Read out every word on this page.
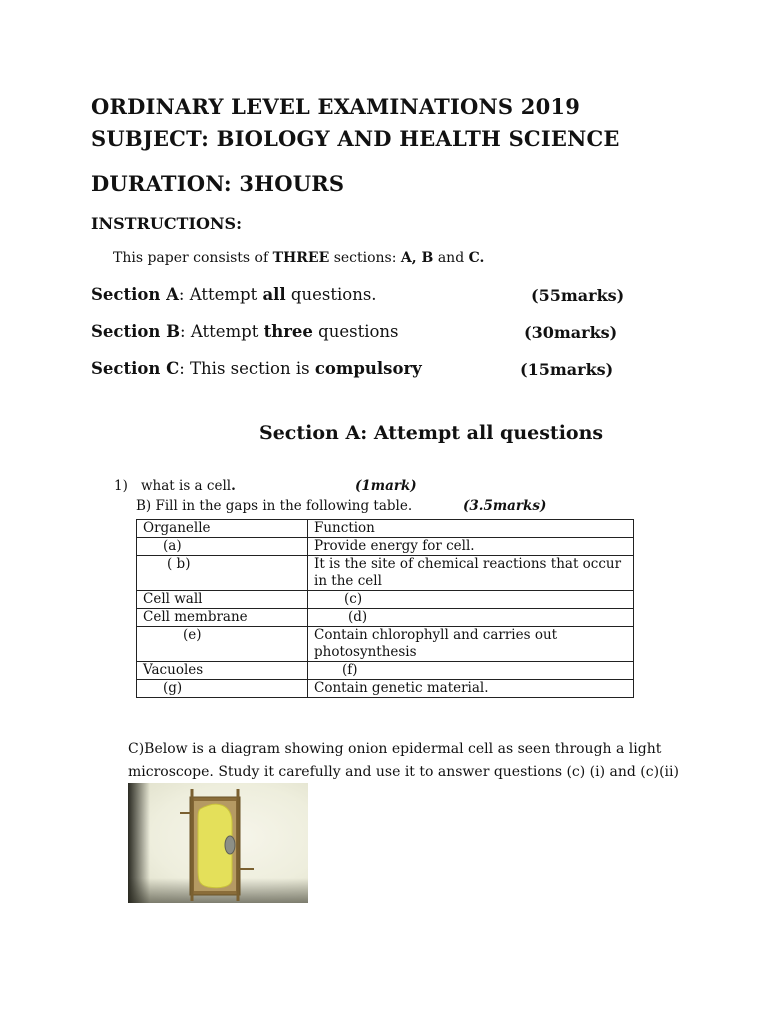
ORDINARY LEVEL EXAMINATIONS 2019
SUBJECT: BIOLOGY AND HEALTH SCIENCE
DURATION: 3HOURS
INSTRUCTIONS:
This paper consists of THREE sections: A, B and C.
Section A: Attempt all questions.	(55marks)
Section B: Attempt three questions	(30marks)
Section C: This section is compulsory	(15marks)
Section A: Attempt all questions
1) what is a cell.	(1mark)
B) Fill in the gaps in the following table.	(3.5marks)
Organelle	Function
(a)	Provide energy for cell.
( b)	It is the site of chemical reactions that occur in the cell
Cell wall	(c)
Cell membrane	(d)
(e)	Contain chlorophyll and carries out photosynthesis
Vacuoles	(f)
(g)	Contain genetic material.
C)Below is a diagram showing onion epidermal cell as seen through a light
microscope. Study it carefully and use it to answer questions (c) (i) and (c)(ii)
